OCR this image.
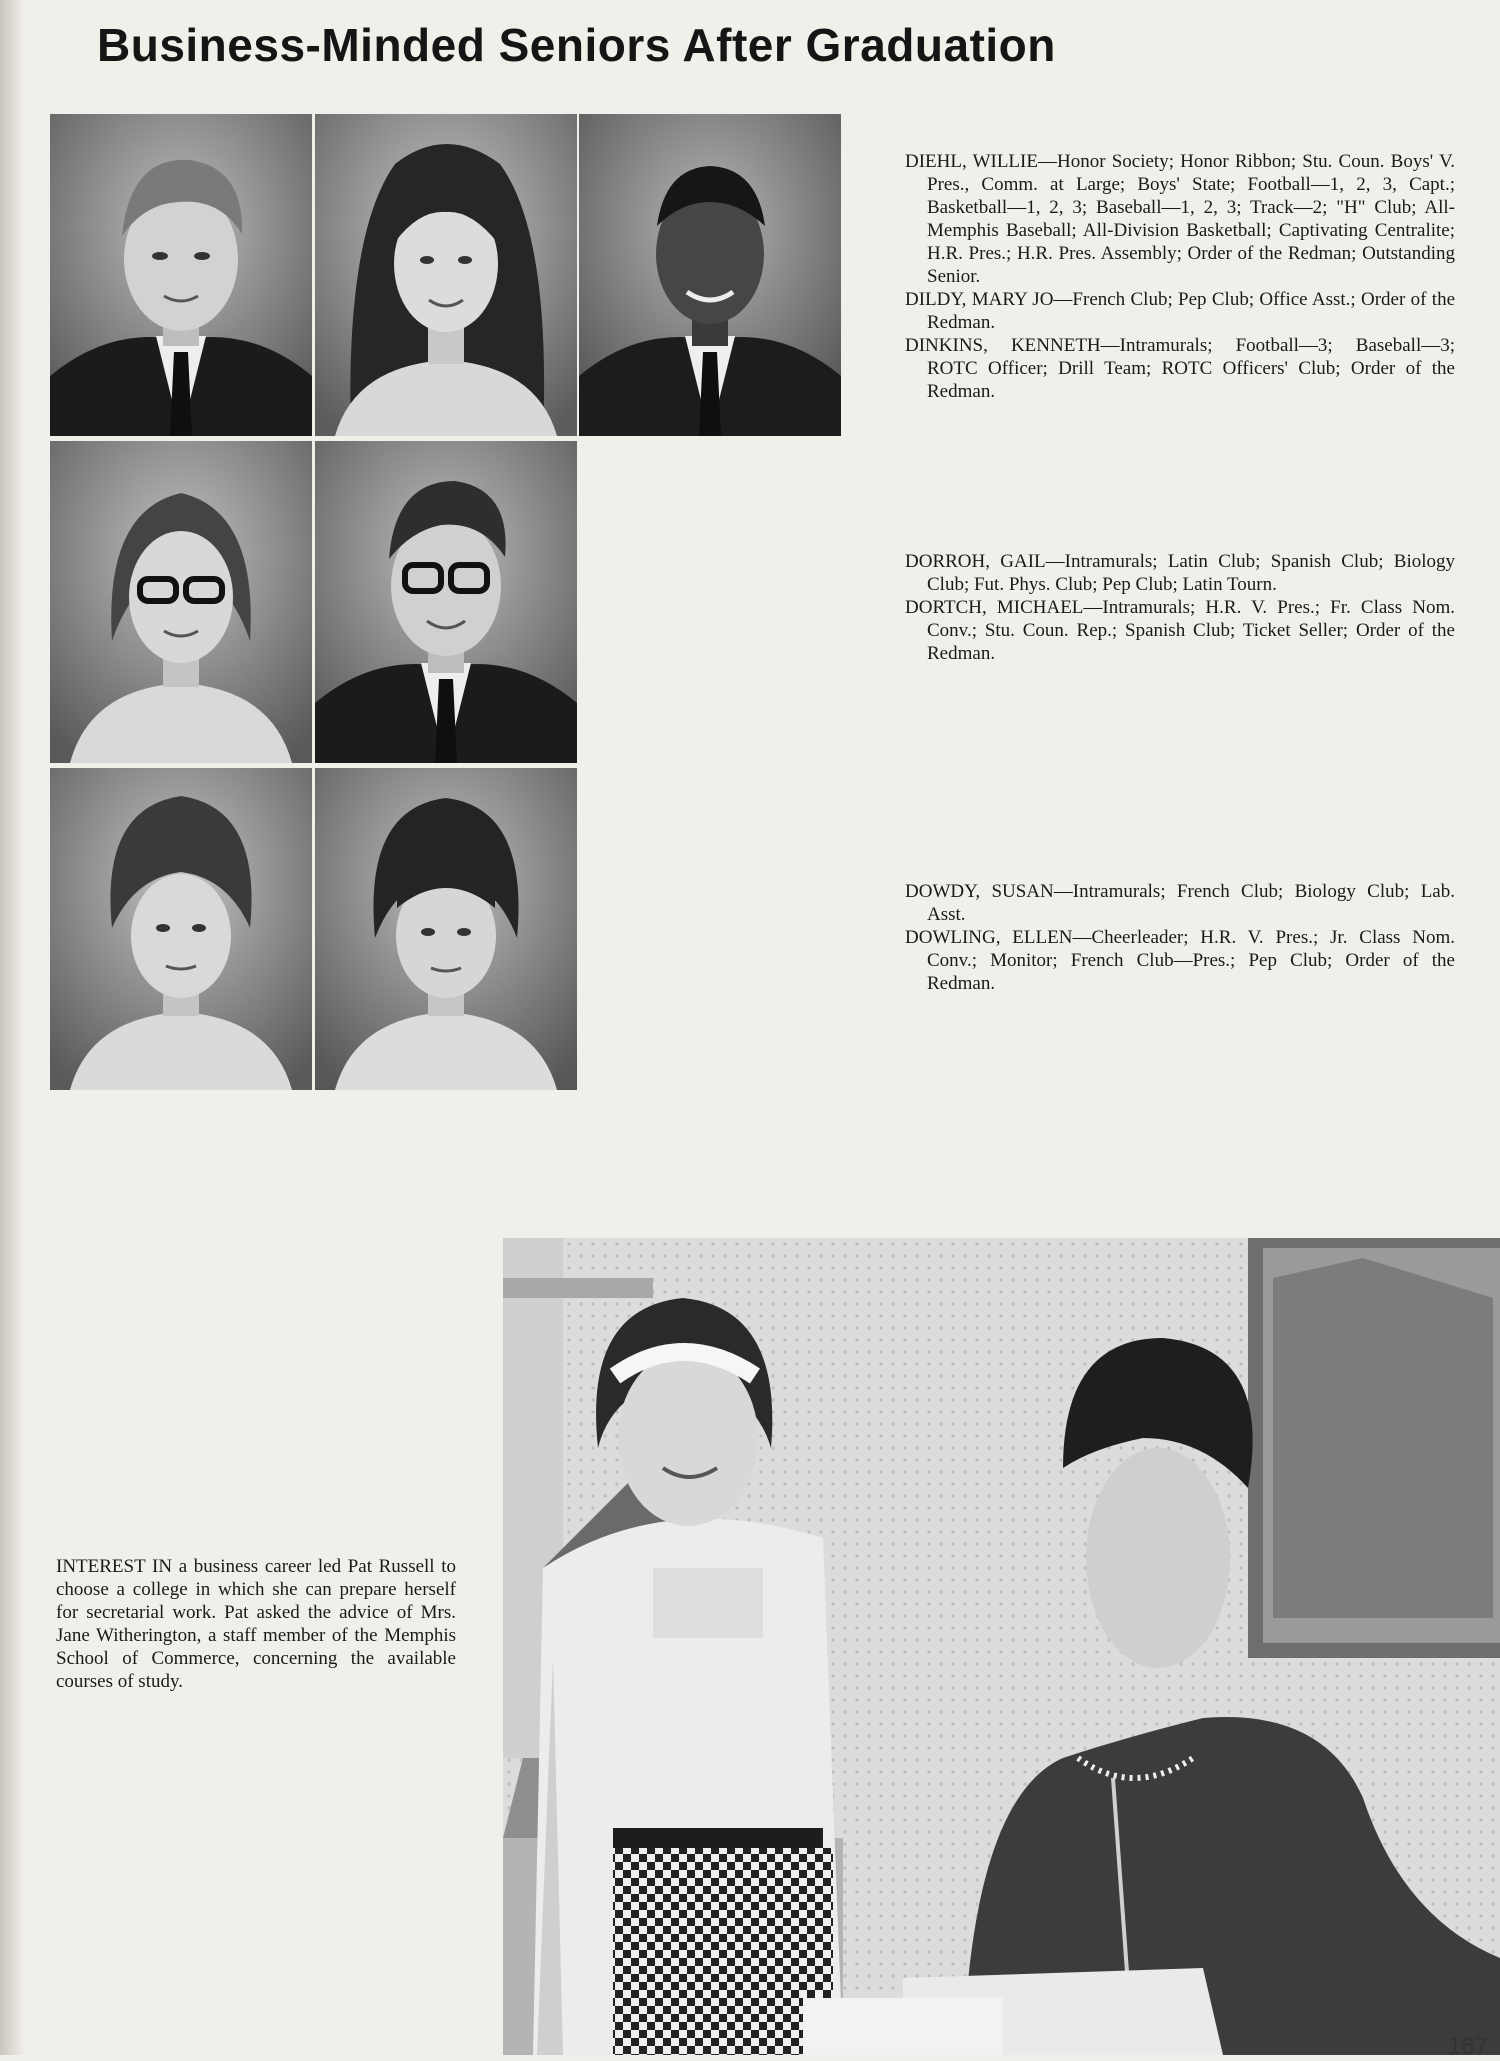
Business-Minded Seniors After Graduation

DIEHL, WILLIE—Honor Society; Honor Ribbon; Stu. Coun. Boys' V. Pres., Comm. at Large; Boys' State; Football—1, 2, 3, Capt.; Basketball—1, 2, 3; Baseball—1, 2, 3; Track—2; "H" Club; All-Memphis Baseball; All-Division Basketball; Captivating Centralite; H.R. Pres.; H.R. Pres. Assembly; Order of the Redman; Outstanding Senior.

DILDY, MARY JO—French Club; Pep Club; Office Asst.; Order of the Redman.

DINKINS, KENNETH—Intramurals; Football—3; Baseball—3; ROTC Officer; Drill Team; ROTC Officers' Club; Order of the Redman.

DORROH, GAIL—Intramurals; Latin Club; Spanish Club; Biology Club; Fut. Phys. Club; Pep Club; Latin Tourn.

DORTCH, MICHAEL—Intramurals; H.R. V. Pres.; Fr. Class Nom. Conv.; Stu. Coun. Rep.; Spanish Club; Ticket Seller; Order of the Redman.

DOWDY, SUSAN—Intramurals; French Club; Biology Club; Lab. Asst.

DOWLING, ELLEN—Cheerleader; H.R. V. Pres.; Jr. Class Nom. Conv.; Monitor; French Club—Pres.; Pep Club; Order of the Redman.

INTEREST IN a business career led Pat Russell to choose a college in which she can prepare herself for secretarial work. Pat asked the advice of Mrs. Jane Witherington, a staff member of the Memphis School of Commerce, concerning the available courses of study.

167
